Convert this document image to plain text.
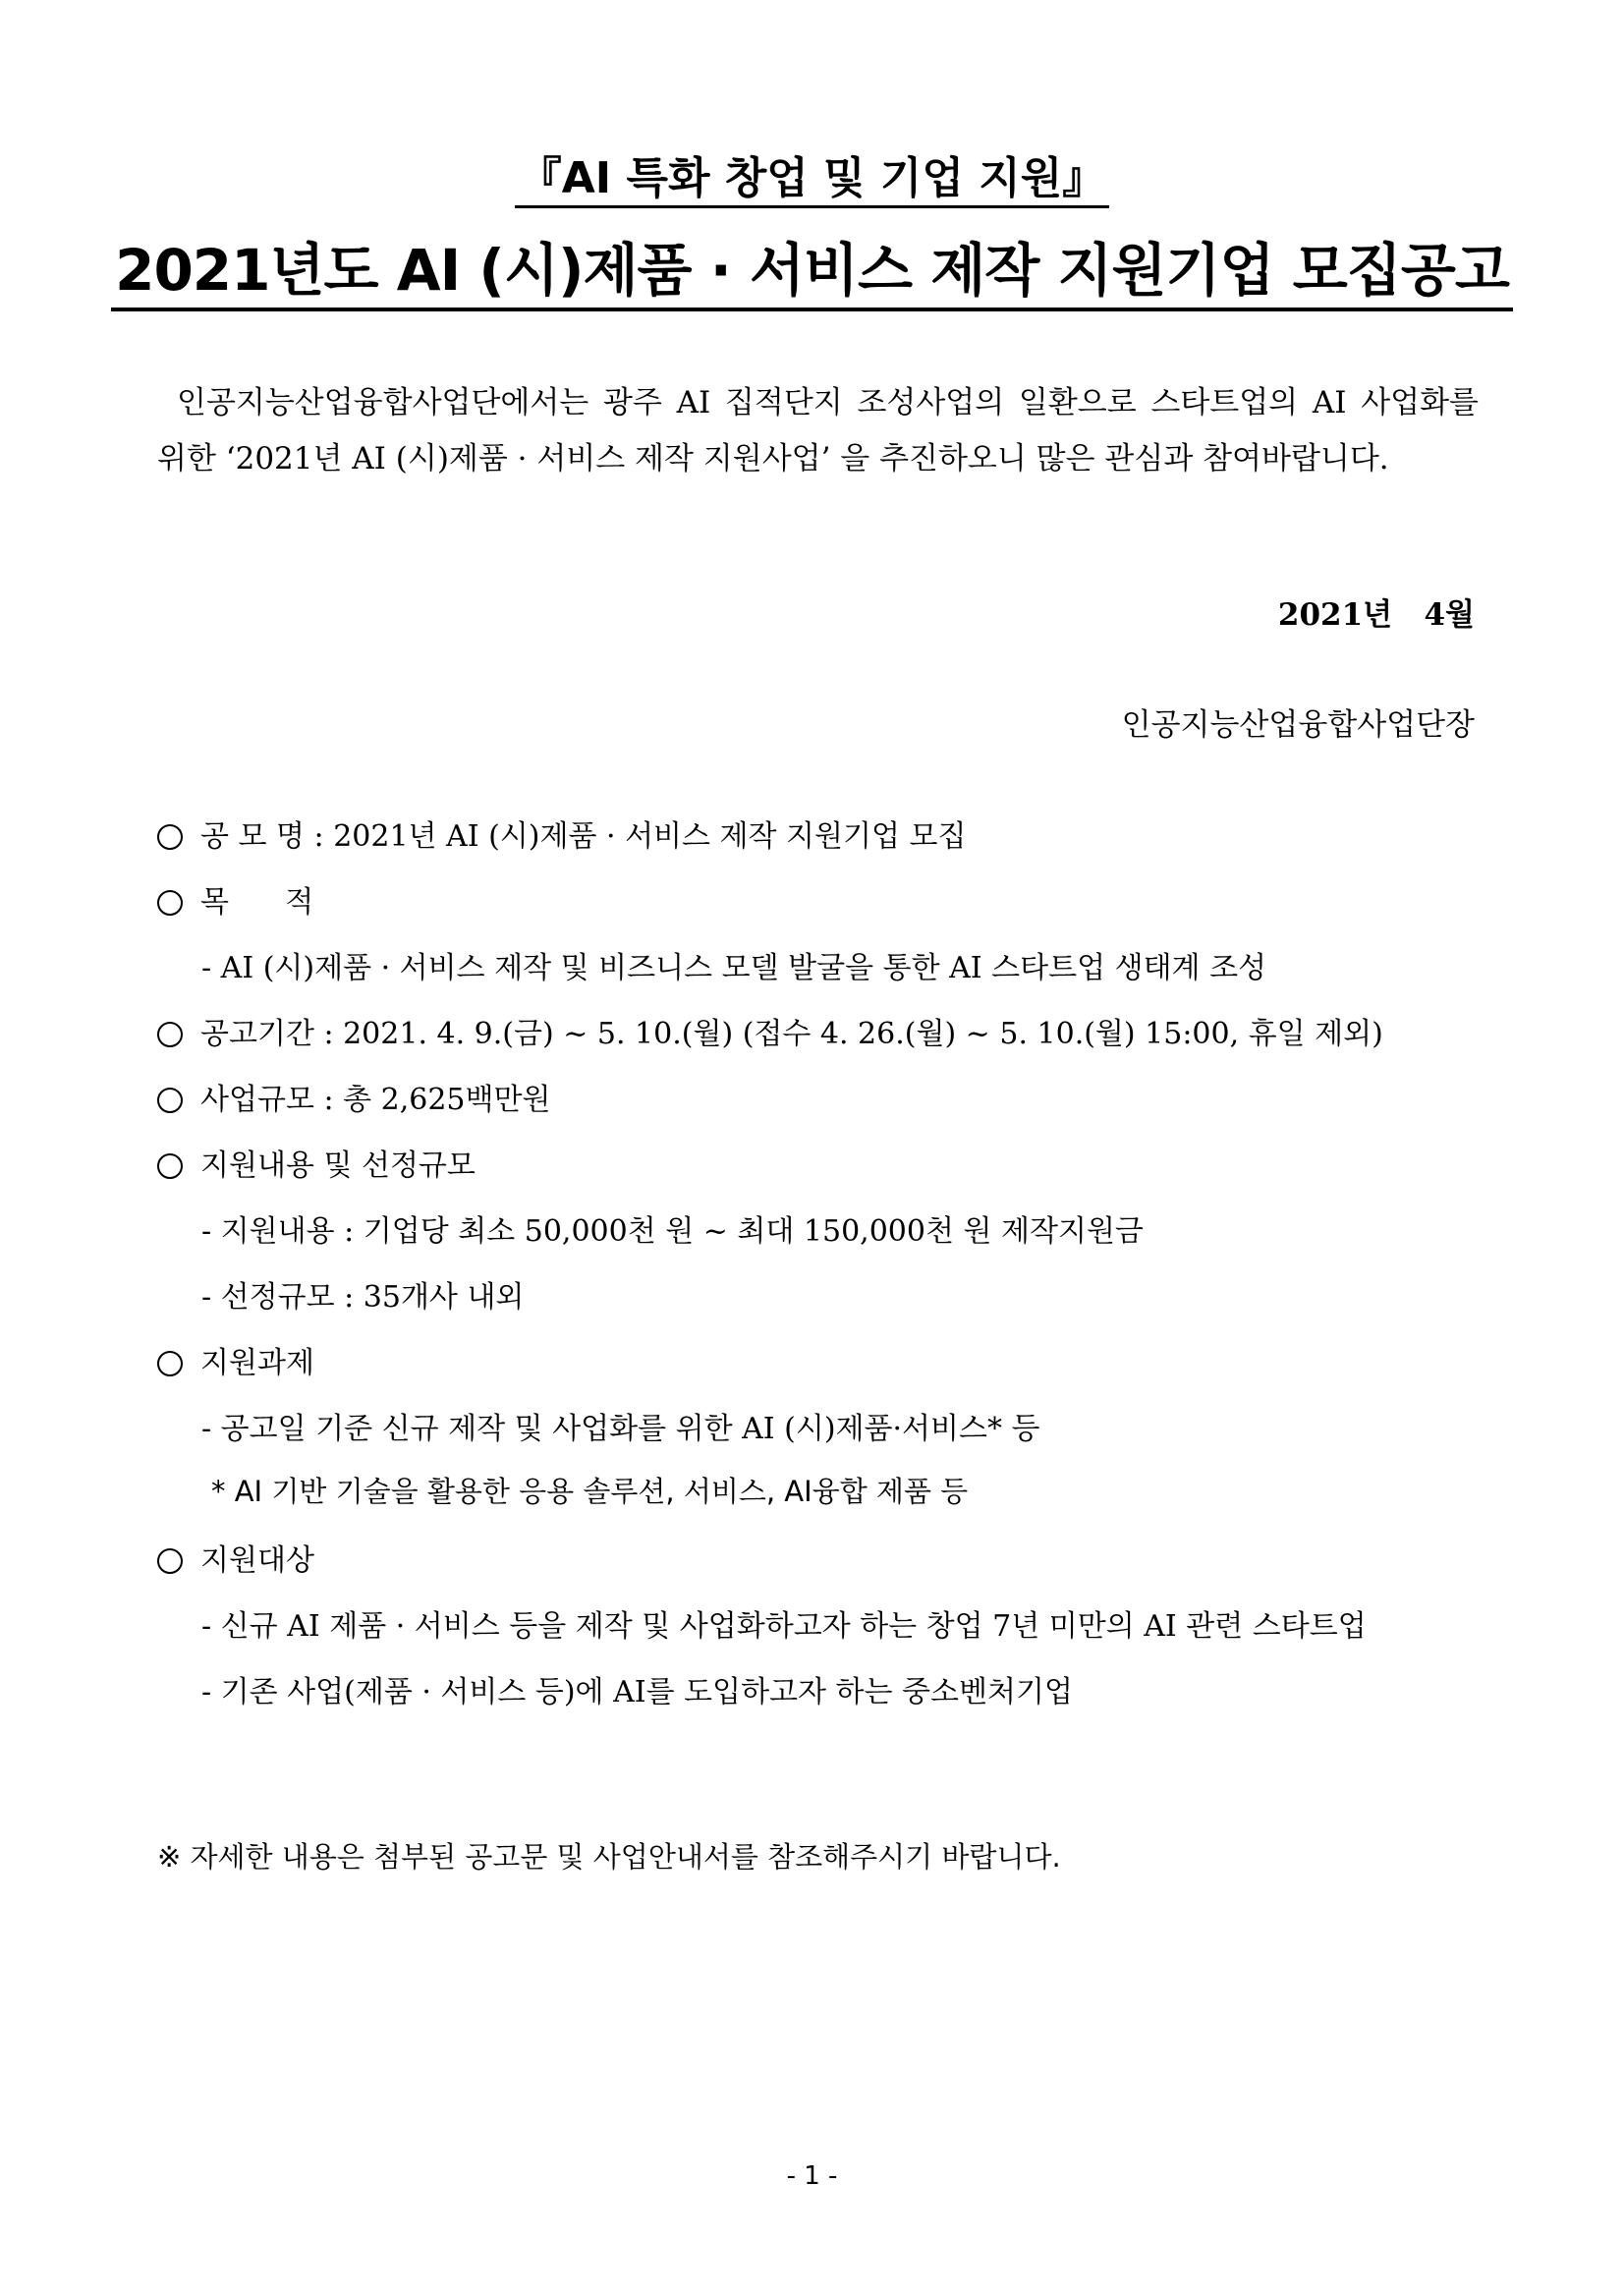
『AI 특화 창업 및 기업 지원』
2021년도 AI (시)제품 · 서비스 제작 지원기업 모집공고
인공지능산업융합사업단에서는 광주 AI 집적단지 조성사업의 일환으로 스타트업의 AI 사업화를 위한 ‘2021년 AI (시)제품 · 서비스 제작 지원사업’ 을 추진하오니 많은 관심과 참여바랍니다.
2021년   4월
인공지능산업융합사업단장
공 모 명 : 2021년 AI (시)제품 · 서비스 제작 지원기업 모집
목      적
- AI (시)제품 · 서비스 제작 및 비즈니스 모델 발굴을 통한 AI 스타트업 생태계 조성
공고기간 : 2021. 4. 9.(금) ~ 5. 10.(월) (접수 4. 26.(월) ~ 5. 10.(월) 15:00, 휴일 제외)
사업규모 : 총 2,625백만원
지원내용 및 선정규모
- 지원내용 : 기업당 최소 50,000천 원 ~ 최대 150,000천 원 제작지원금
- 선정규모 : 35개사 내외
지원과제
- 공고일 기준 신규 제작 및 사업화를 위한 AI (시)제품·서비스* 등
* AI 기반 기술을 활용한 응용 솔루션, 서비스, AI융합 제품 등
지원대상
- 신규 AI 제품 · 서비스 등을 제작 및 사업화하고자 하는 창업 7년 미만의 AI 관련 스타트업
- 기존 사업(제품 · 서비스 등)에 AI를 도입하고자 하는 중소벤처기업
※ 자세한 내용은 첨부된 공고문 및 사업안내서를 참조해주시기 바랍니다.
- 1 -
